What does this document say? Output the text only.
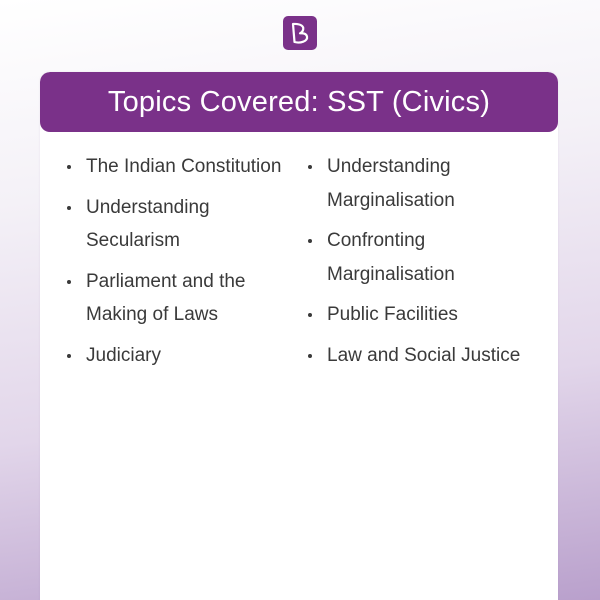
Topics Covered: SST (Civics)
The Indian Constitution
Understanding Secularism
Parliament and the Making of Laws
Judiciary
Understanding Marginalisation
Confronting Marginalisation
Public Facilities
Law and Social Justice
